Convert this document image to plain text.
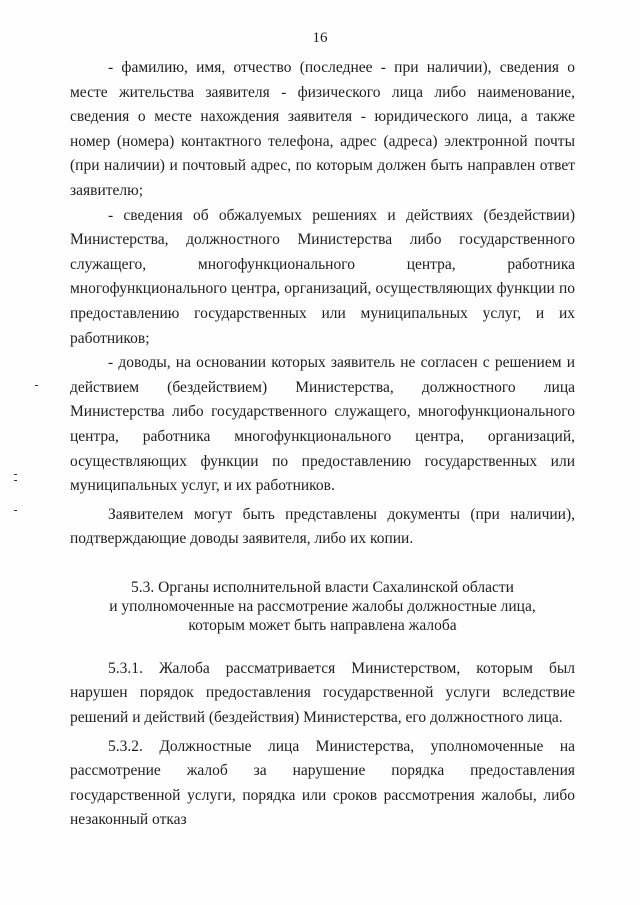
16

- фамилию, имя, отчество (последнее - при наличии), сведения о месте жительства заявителя - физического лица либо наименование, сведения о месте нахождения заявителя - юридического лица, а также номер (номера) контактного телефона, адрес (адреса) электронной почты (при наличии) и почтовый адрес, по которым должен быть направлен ответ заявителю;

- сведения об обжалуемых решениях и действиях (бездействии) Министерства, должностного Министерства либо государственного служащего, многофункционального центра, работника многофункционального центра, организаций, осуществляющих функции по предоставлению государственных или муниципальных услуг, и их работников;

- доводы, на основании которых заявитель не согласен с решением и действием (бездействием) Министерства, должностного лица Министерства либо государственного служащего, многофункционального центра, работника многофункционального центра, организаций, осуществляющих функции по предоставлению государственных или муниципальных услуг, и их работников.

Заявителем могут быть представлены документы (при наличии), подтверждающие доводы заявителя, либо их копии.

5.3. Органы исполнительной власти Сахалинской области
и уполномоченные на рассмотрение жалобы должностные лица,
которым может быть направлена жалоба

5.3.1. Жалоба рассматривается Министерством, которым был нарушен порядок предоставления государственной услуги вследствие решений и действий (бездействия) Министерства, его должностного лица.

5.3.2. Должностные лица Министерства, уполномоченные на рассмотрение жалоб за нарушение порядка предоставления государственной услуги, порядка или сроков рассмотрения жалобы, либо незаконный отказ
